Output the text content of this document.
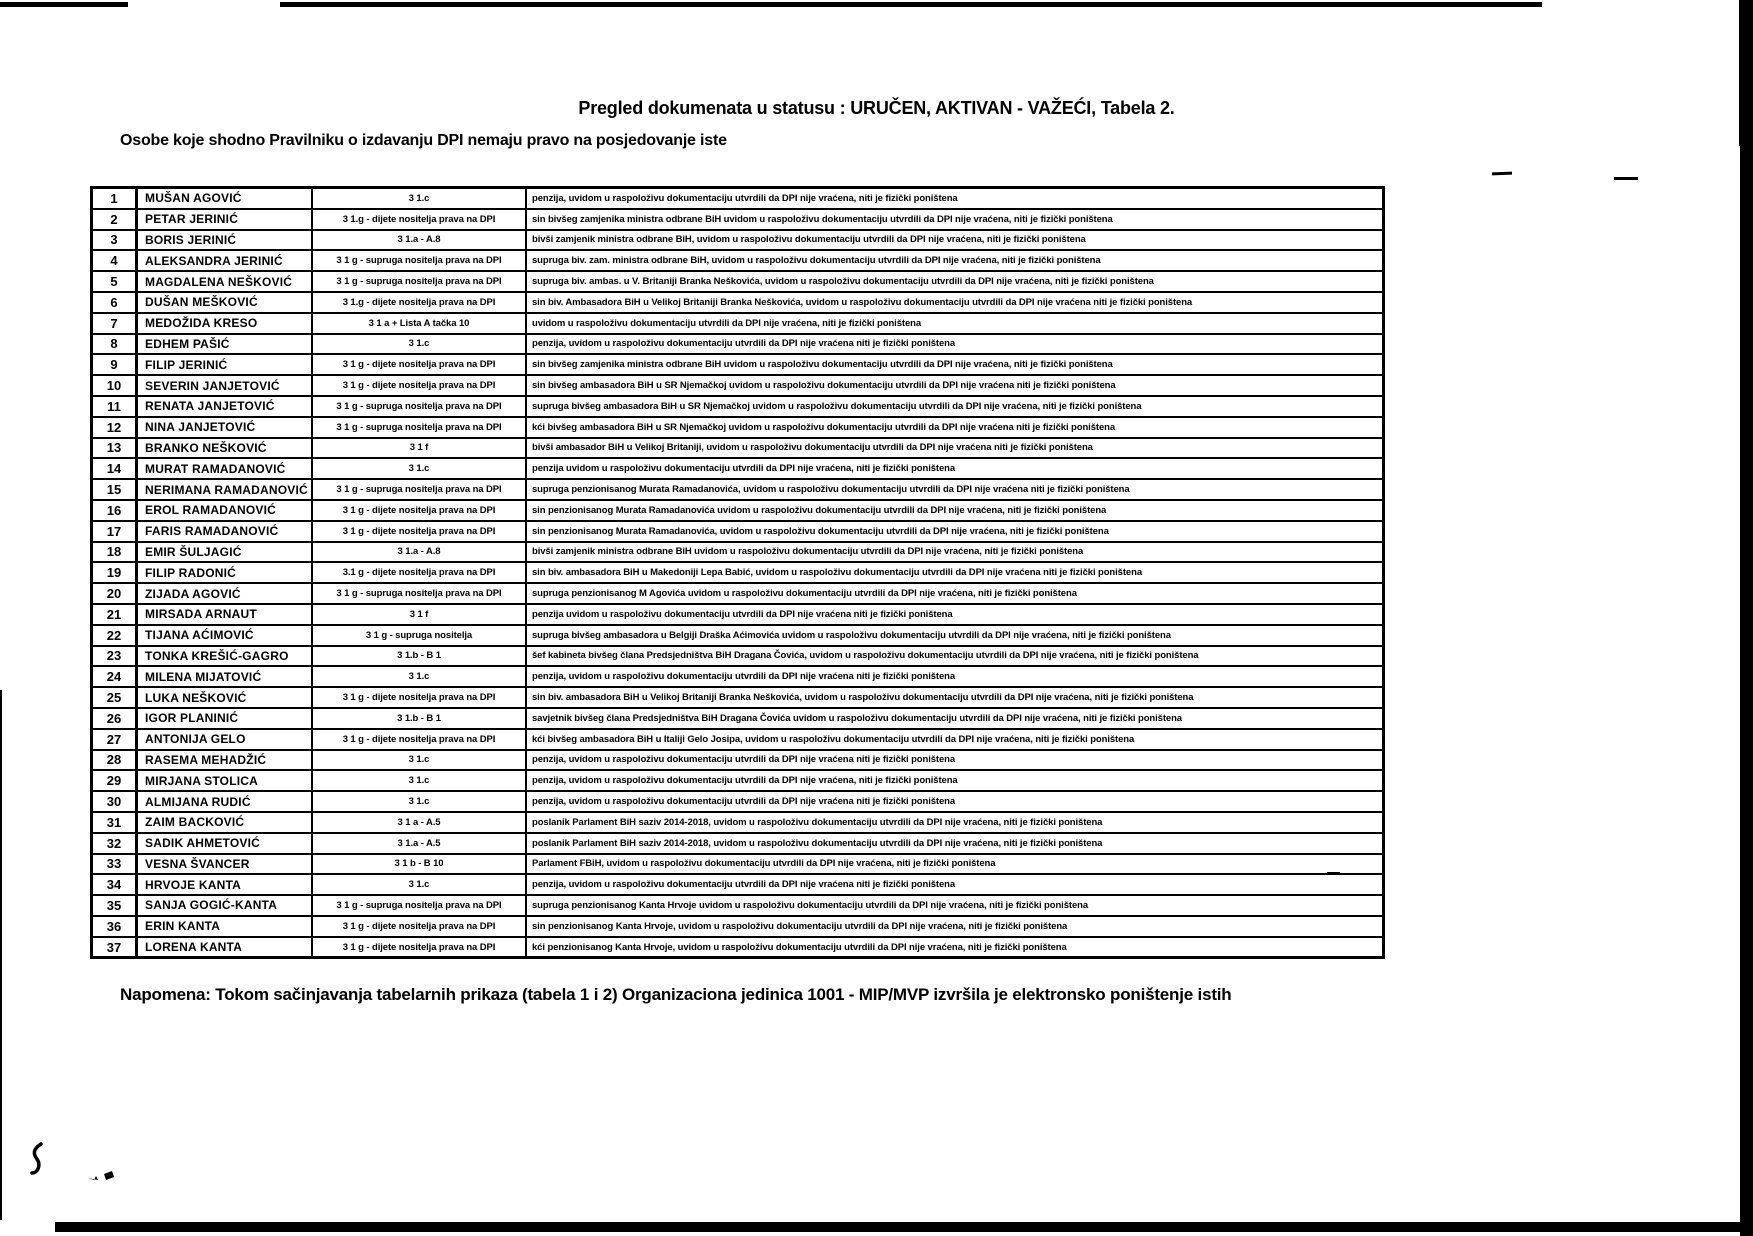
Pregled dokumenata u statusu : URUČEN, AKTIVAN - VAŽEĆI, Tabela 2.
Osobe koje shodno Pravilniku o izdavanju DPI nemaju pravo na posjedovanje iste
1	MUŠAN AGOVIĆ	3 1.c	penzija, uvidom u raspoloživu dokumentaciju utvrdili da DPI nije vraćena, niti je fizički poništena
2	PETAR JERINIĆ	3 1.g - dijete nositelja prava na DPI	sin bivšeg zamjenika ministra odbrane BiH uvidom u raspoloživu dokumentaciju utvrdili da DPI nije vraćena, niti je fizički poništena
3	BORIS JERINIĆ	3 1.a - A.8	bivši zamjenik ministra odbrane BiH, uvidom u raspoloživu dokumentaciju utvrdili da DPI nije vraćena, niti je fizički poništena
4	ALEKSANDRA JERINIĆ	3 1 g - supruga nositelja prava na DPI	supruga biv. zam. ministra odbrane BiH, uvidom u raspoloživu dokumentaciju utvrdili da DPI nije vraćena, niti je fizički poništena
5	MAGDALENA NEŠKOVIĆ	3 1 g - supruga nositelja prava na DPI	supruga biv. ambas. u V. Britaniji Branka Neškovića, uvidom u raspoloživu dokumentaciju utvrdili da DPI nije vraćena, niti je fizički poništena
6	DUŠAN MEŠKOVIĆ	3 1.g - dijete nositelja prava na DPI	sin biv. Ambasadora BiH u Velikoj Britaniji Branka Neškovića, uvidom u raspoloživu dokumentaciju utvrdili da DPI nije vraćena niti je fizički poništena
7	MEDOŽIDA KRESO	3 1 a + Lista A tačka 10	uvidom u raspoloživu dokumentaciju utvrdili da DPI nije vraćena, niti je fizički poništena
8	EDHEM PAŠIĆ	3 1.c	penzija, uvidom u raspoloživu dokumentaciju utvrdili da DPI nije vraćena niti je fizički poništena
9	FILIP JERINIĆ	3 1 g - dijete nositelja prava na DPI	sin bivšeg zamjenika ministra odbrane BiH uvidom u raspoloživu dokumentaciju utvrdili da DPI nije vraćena, niti je fizički poništena
10	SEVERIN JANJETOVIĆ	3 1 g - dijete nositelja prava na DPI	sin bivšeg ambasadora BiH u SR Njemačkoj uvidom u raspoloživu dokumentaciju utvrdili da DPI nije vraćena niti je fizički poništena
11	RENATA JANJETOVIĆ	3 1 g - supruga nositelja prava na DPI	supruga bivšeg ambasadora BiH u SR Njemačkoj uvidom u raspoloživu dokumentaciju utvrdili da DPI nije vraćena, niti je fizički poništena
12	NINA JANJETOVIĆ	3 1 g - supruga nositelja prava na DPI	kći bivšeg ambasadora BiH u SR Njemačkoj uvidom u raspoloživu dokumentaciju utvrdili da DPI nije vraćena niti je fizički poništena
13	BRANKO NEŠKOVIĆ	3 1 f	bivši ambasador BiH u Velikoj Britaniji, uvidom u raspoloživu dokumentaciju utvrdili da DPI nije vraćena niti je fizički poništena
14	MURAT RAMADANOVIĆ	3 1.c	penzija uvidom u raspoloživu dokumentaciju utvrdili da DPI nije vraćena, niti je fizički poništena
15	NERIMANA RAMADANOVIĆ	3 1 g - supruga nositelja prava na DPI	supruga penzionisanog Murata Ramadanovića, uvidom u raspoloživu dokumentaciju utvrdili da DPI nije vraćena niti je fizički poništena
16	EROL RAMADANOVIĆ	3 1 g - dijete nositelja prava na DPI	sin penzionisanog Murata Ramadanovića uvidom u raspoloživu dokumentaciju utvrdili da DPI nije vraćena, niti je fizički poništena
17	FARIS RAMADANOVIĆ	3 1 g - dijete nositelja prava na DPI	sin penzionisanog Murata Ramadanovića, uvidom u raspoloživu dokumentaciju utvrdili da DPI nije vraćena, niti je fizički poništena
18	EMIR ŠULJAGIĆ	3 1.a - A.8	bivši zamjenik ministra odbrane BiH uvidom u raspoloživu dokumentaciju utvrdili da DPI nije vraćena, niti je fizički poništena
19	FILIP RADONIĆ	3.1 g - dijete nositelja prava na DPI	sin biv. ambasadora BiH u Makedoniji Lepa Babić, uvidom u raspoloživu dokumentaciju utvrdili da DPI nije vraćena niti je fizički poništena
20	ZIJADA AGOVIĆ	3 1 g - supruga nositelja prava na DPI	supruga penzionisanog M Agovića uvidom u raspoloživu dokumentaciju utvrdili da DPI nije vraćena, niti je fizički poništena
21	MIRSADA ARNAUT	3 1 f	penzija uvidom u raspoloživu dokumentaciju utvrdili da DPI nije vraćena niti je fizički poništena
22	TIJANA AĆIMOVIĆ	3 1 g - supruga nositelja	supruga bivšeg ambasadora u Belgiji Draška Aćimovića uvidom u raspoloživu dokumentaciju utvrdili da DPI nije vraćena, niti je fizički poništena
23	TONKA KREŠIĆ-GAGRO	3 1.b - B 1	šef kabineta bivšeg člana Predsjedništva BiH Dragana Čovića, uvidom u raspoloživu dokumentaciju utvrdili da DPI nije vraćena, niti je fizički poništena
24	MILENA MIJATOVIĆ	3 1.c	penzija, uvidom u raspoloživu dokumentaciju utvrdili da DPI nije vraćena niti je fizički poništena
25	LUKA NEŠKOVIĆ	3 1 g - dijete nositelja prava na DPI	sin biv. ambasadora BiH u Velikoj Britaniji Branka Neškovića, uvidom u raspoloživu dokumentaciju utvrdili da DPI nije vraćena, niti je fizički poništena
26	IGOR PLANINIĆ	3 1.b - B 1	savjetnik bivšeg člana Predsjedništva BiH Dragana Čovića uvidom u raspoloživu dokumentaciju utvrdili da DPI nije vraćena, niti je fizički poništena
27	ANTONIJA GELO	3 1 g - dijete nositelja prava na DPI	kći bivšeg ambasadora BiH u Italiji Gelo Josipa, uvidom u raspoloživu dokumentaciju utvrdili da DPI nije vraćena, niti je fizički poništena
28	RASEMA MEHADŽIĆ	3 1.c	penzija, uvidom u raspoloživu dokumentaciju utvrdili da DPI nije vraćena niti je fizički poništena
29	MIRJANA STOLICA	3 1.c	penzija, uvidom u raspoloživu dokumentaciju utvrdili da DPI nije vraćena, niti je fizički poništena
30	ALMIJANA RUDIĆ	3 1.c	penzija, uvidom u raspoloživu dokumentaciju utvrdili da DPI nije vraćena niti je fizički poništena
31	ZAIM BACKOVIĆ	3 1 a - A.5	poslanik Parlament BiH saziv 2014-2018, uvidom u raspoloživu dokumentaciju utvrdili da DPI nije vraćena, niti je fizički poništena
32	SADIK AHMETOVIĆ	3 1.a - A.5	poslanik Parlament BiH saziv 2014-2018, uvidom u raspoloživu dokumentaciju utvrdili da DPI nije vraćena, niti je fizički poništena
33	VESNA ŠVANCER	3 1 b - B 10	Parlament FBiH, uvidom u raspoloživu dokumentaciju utvrdili da DPI nije vraćena, niti je fizički poništena
34	HRVOJE KANTA	3 1.c	penzija, uvidom u raspoloživu dokumentaciju utvrdili da DPI nije vraćena niti je fizički poništena
35	SANJA GOGIĆ-KANTA	3 1 g - supruga nositelja prava na DPI	supruga penzionisanog Kanta Hrvoje uvidom u raspoloživu dokumentaciju utvrdili da DPI nije vraćena, niti je fizički poništena
36	ERIN KANTA	3 1 g - dijete nositelja prava na DPI	sin penzionisanog Kanta Hrvoje, uvidom u raspoloživu dokumentaciju utvrdili da DPI nije vraćena, niti je fizički poništena
37	LORENA KANTA	3 1 g - dijete nositelja prava na DPI	kći penzionisanog Kanta Hrvoje, uvidom u raspoloživu dokumentaciju utvrdili da DPI nije vraćena, niti je fizički poništena
Napomena: Tokom sačinjavanja tabelarnih prikaza (tabela 1 i 2) Organizaciona jedinica 1001 - MIP/MVP izvršila je elektronsko poništenje istih
